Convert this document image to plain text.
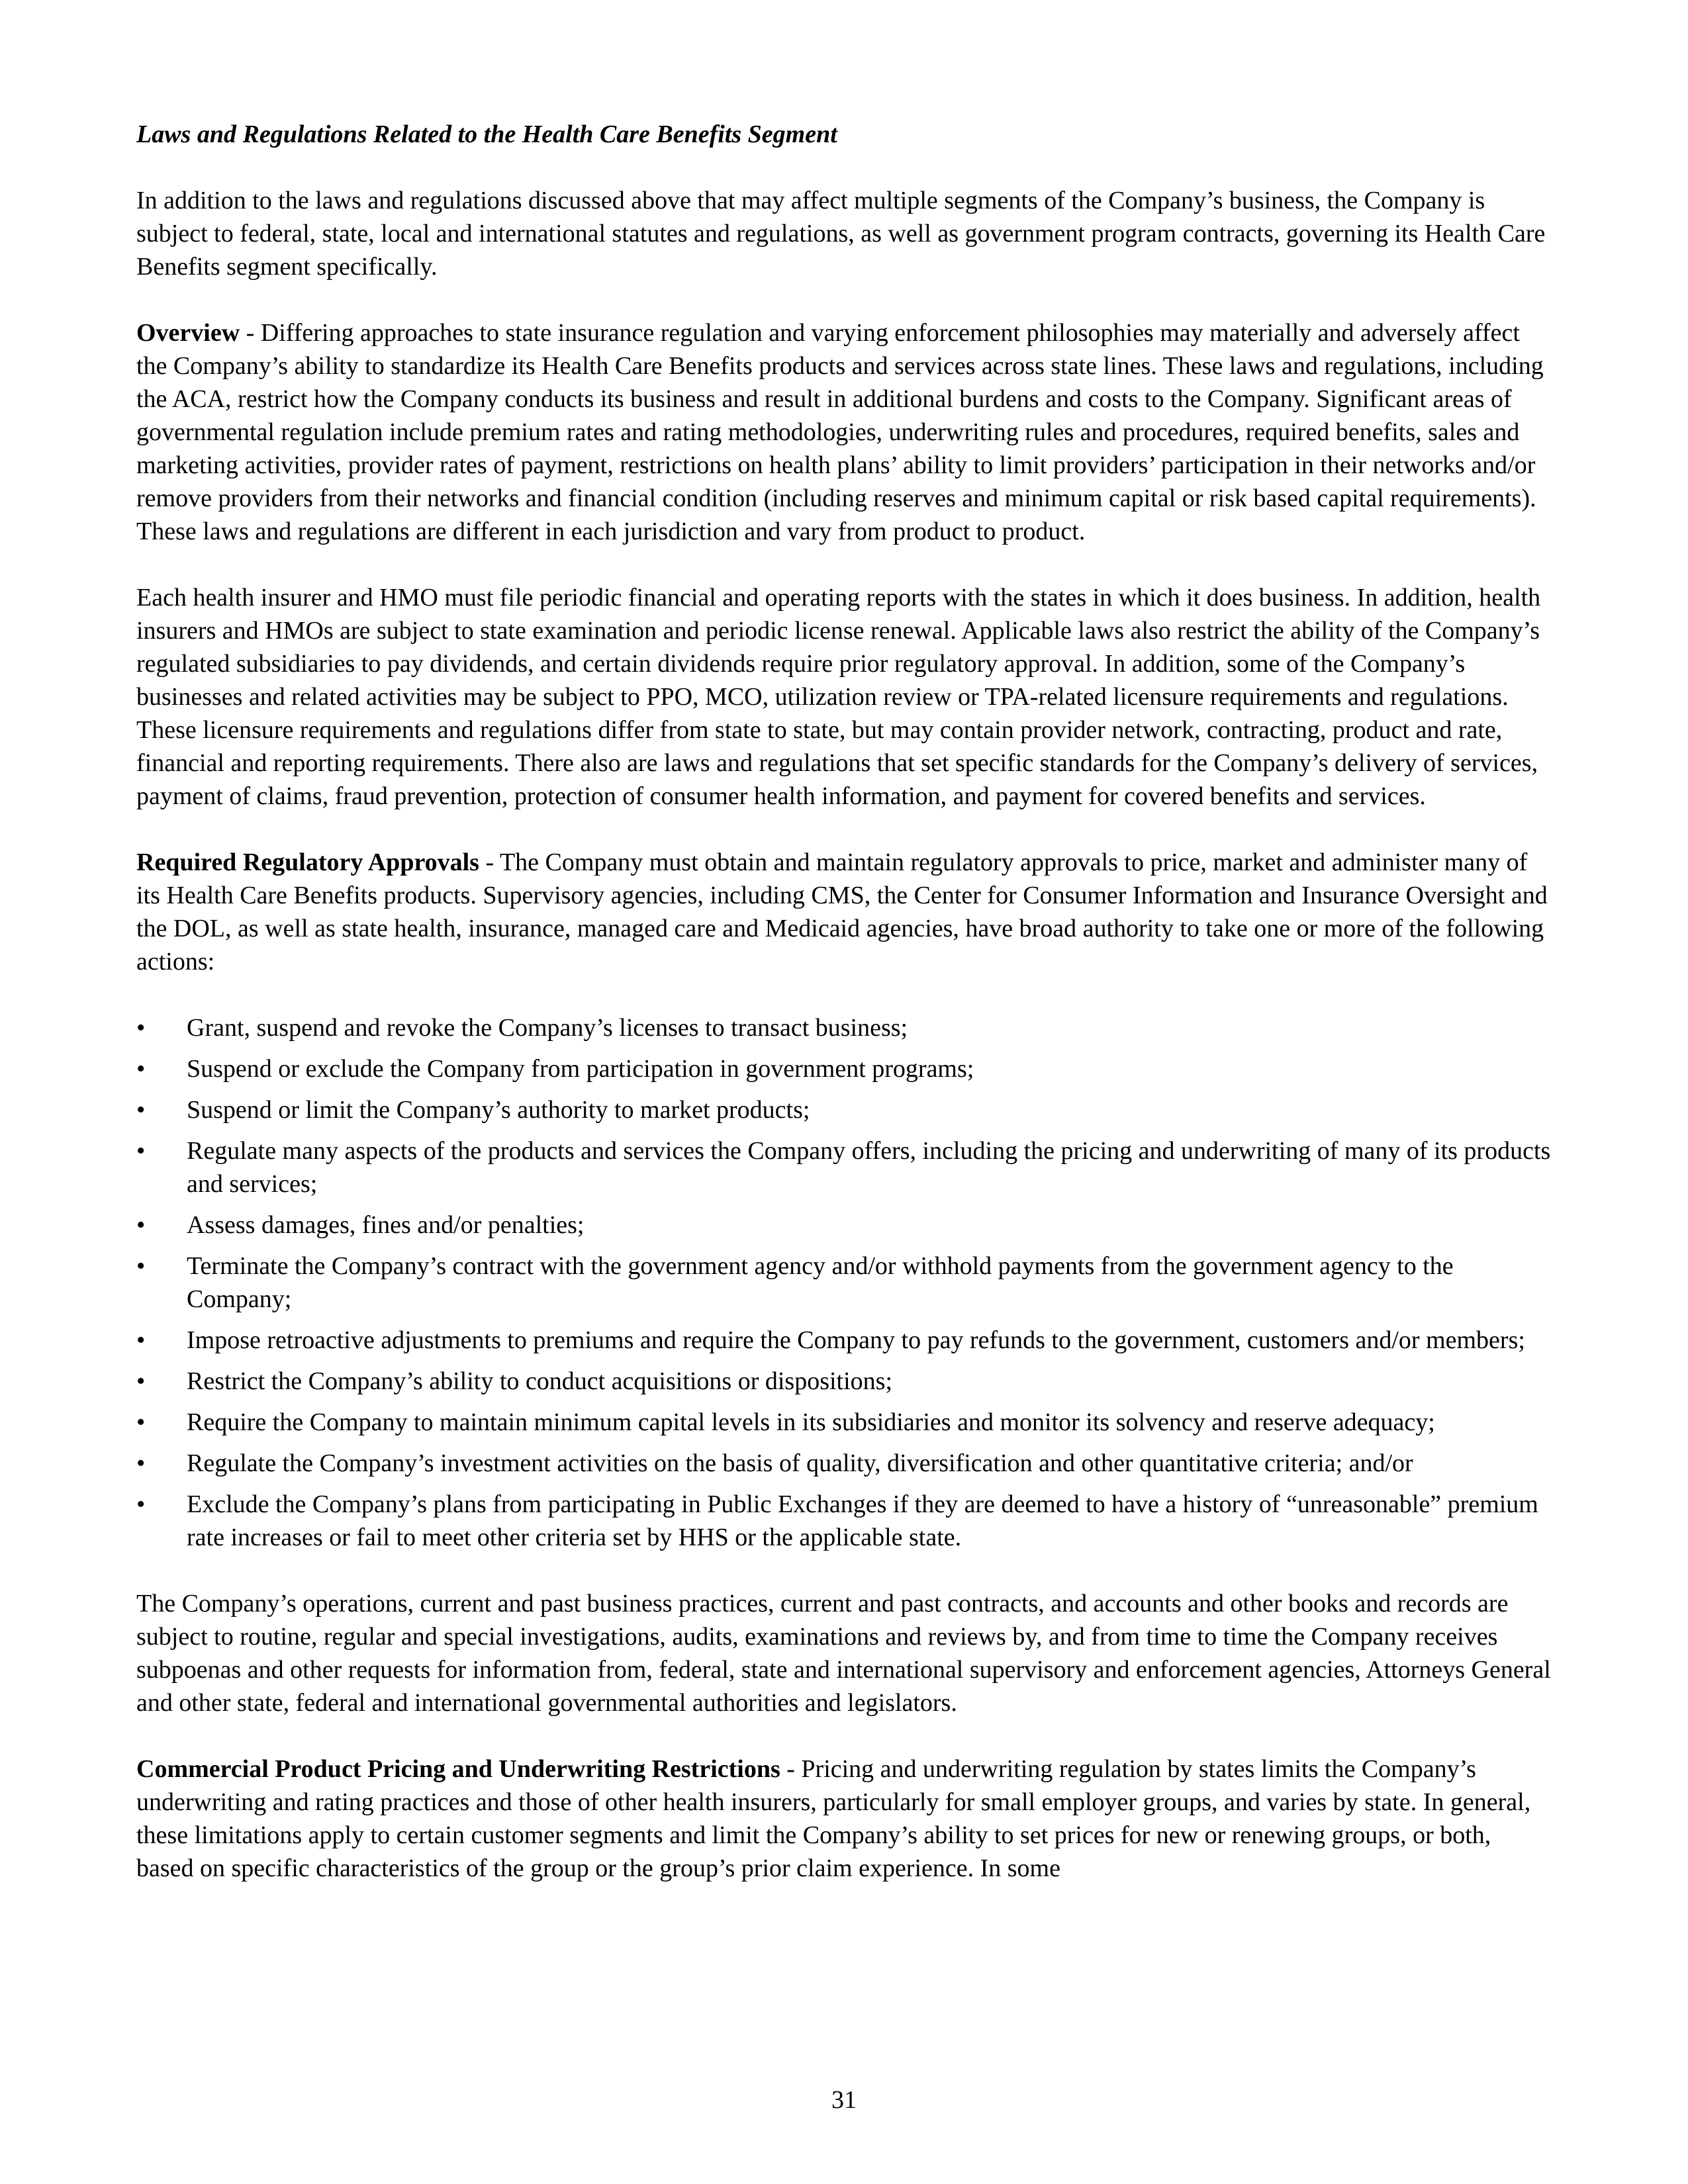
Laws and Regulations Related to the Health Care Benefits Segment

In addition to the laws and regulations discussed above that may affect multiple segments of the Company’s business, the Company is subject to federal, state, local and international statutes and regulations, as well as government program contracts, governing its Health Care Benefits segment specifically.

Overview - Differing approaches to state insurance regulation and varying enforcement philosophies may materially and adversely affect the Company’s ability to standardize its Health Care Benefits products and services across state lines. These laws and regulations, including the ACA, restrict how the Company conducts its business and result in additional burdens and costs to the Company. Significant areas of governmental regulation include premium rates and rating methodologies, underwriting rules and procedures, required benefits, sales and marketing activities, provider rates of payment, restrictions on health plans’ ability to limit providers’ participation in their networks and/or remove providers from their networks and financial condition (including reserves and minimum capital or risk based capital requirements). These laws and regulations are different in each jurisdiction and vary from product to product.

Each health insurer and HMO must file periodic financial and operating reports with the states in which it does business. In addition, health insurers and HMOs are subject to state examination and periodic license renewal. Applicable laws also restrict the ability of the Company’s regulated subsidiaries to pay dividends, and certain dividends require prior regulatory approval. In addition, some of the Company’s businesses and related activities may be subject to PPO, MCO, utilization review or TPA-related licensure requirements and regulations. These licensure requirements and regulations differ from state to state, but may contain provider network, contracting, product and rate, financial and reporting requirements. There also are laws and regulations that set specific standards for the Company’s delivery of services, payment of claims, fraud prevention, protection of consumer health information, and payment for covered benefits and services.

Required Regulatory Approvals - The Company must obtain and maintain regulatory approvals to price, market and administer many of its Health Care Benefits products. Supervisory agencies, including CMS, the Center for Consumer Information and Insurance Oversight and the DOL, as well as state health, insurance, managed care and Medicaid agencies, have broad authority to take one or more of the following actions:

• Grant, suspend and revoke the Company’s licenses to transact business;
• Suspend or exclude the Company from participation in government programs;
• Suspend or limit the Company’s authority to market products;
• Regulate many aspects of the products and services the Company offers, including the pricing and underwriting of many of its products and services;
• Assess damages, fines and/or penalties;
• Terminate the Company’s contract with the government agency and/or withhold payments from the government agency to the Company;
• Impose retroactive adjustments to premiums and require the Company to pay refunds to the government, customers and/or members;
• Restrict the Company’s ability to conduct acquisitions or dispositions;
• Require the Company to maintain minimum capital levels in its subsidiaries and monitor its solvency and reserve adequacy;
• Regulate the Company’s investment activities on the basis of quality, diversification and other quantitative criteria; and/or
• Exclude the Company’s plans from participating in Public Exchanges if they are deemed to have a history of “unreasonable” premium rate increases or fail to meet other criteria set by HHS or the applicable state.

The Company’s operations, current and past business practices, current and past contracts, and accounts and other books and records are subject to routine, regular and special investigations, audits, examinations and reviews by, and from time to time the Company receives subpoenas and other requests for information from, federal, state and international supervisory and enforcement agencies, Attorneys General and other state, federal and international governmental authorities and legislators.

Commercial Product Pricing and Underwriting Restrictions - Pricing and underwriting regulation by states limits the Company’s underwriting and rating practices and those of other health insurers, particularly for small employer groups, and varies by state. In general, these limitations apply to certain customer segments and limit the Company’s ability to set prices for new or renewing groups, or both, based on specific characteristics of the group or the group’s prior claim experience. In some

31
